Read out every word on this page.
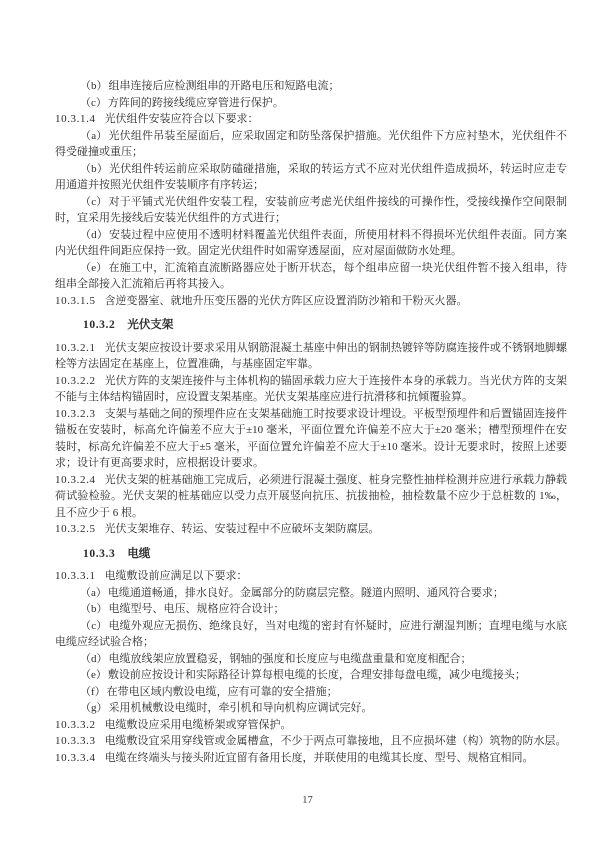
（b）组串连接后应检测组串的开路电压和短路电流；

（c）方阵间的跨接线缆应穿管进行保护。

10.3.1.4 光伏组件安装应符合以下要求：

（a）光伏组件吊装至屋面后，应采取固定和防坠落保护措施。光伏组件下方应衬垫木，光伏组件不得受碰撞或重压；

（b）光伏组件转运前应采取防磕碰措施，采取的转运方式不应对光伏组件造成损坏，转运时应走专用通道并按照光伏组件安装顺序有序转运；

（c）对于平铺式光伏组件安装工程，安装前应考虑光伏组件接线的可操作性，受接线操作空间限制时，宜采用先接线后安装光伏组件的方式进行；

（d）安装过程中应使用不透明材料覆盖光伏组件表面，所使用材料不得损坏光伏组件表面。同方案内光伏组件间距应保持一致。固定光伏组件时如需穿透屋面，应对屋面做防水处理。

（e）在施工中，汇流箱直流断路器应处于断开状态，每个组串应留一块光伏组件暂不接入组串，待组串全部接入汇流箱后再将其接入。

10.3.1.5 含逆变器室、就地升压变压器的光伏方阵区应设置消防沙箱和干粉灭火器。

10.3.2 光伏支架

10.3.2.1 光伏支架应按设计要求采用从钢筋混凝土基座中伸出的钢制热镀锌等防腐连接件或不锈钢地脚螺栓等方法固定在基座上，位置准确，与基座固定牢靠。

10.3.2.2 光伏方阵的支架连接件与主体机构的锚固承载力应大于连接件本身的承载力。当光伏方阵的支架不能与主体结构锚固时，应设置支架基座。光伏支架基座应进行抗滑移和抗倾覆验算。

10.3.2.3 支架与基础之间的预埋件应在支架基础施工时按要求设计埋设。平板型预埋件和后置锚固连接件锚板在安装时，标高允许偏差不应大于±10 毫米，平面位置允许偏差不应大于±20 毫米；槽型预埋件在安装时，标高允许偏差不应大于±5 毫米，平面位置允许偏差不应大于±10 毫米。设计无要求时，按照上述要求；设计有更高要求时，应根据设计要求。

10.3.2.4 光伏支架的桩基础施工完成后，必须进行混凝土强度、桩身完整性抽样检测并应进行承载力静载荷试验检验。光伏支架的桩基础应以受力点开展竖向抗压、抗拔抽检，抽检数量不应少于总桩数的 1‰，且不应少于 6 根。

10.3.2.5 光伏支架堆存、转运、安装过程中不应破坏支架防腐层。

10.3.3 电缆

10.3.3.1 电缆敷设前应满足以下要求：

（a）电缆通道畅通，排水良好。金属部分的防腐层完整。隧道内照明、通风符合要求；

（b）电缆型号、电压、规格应符合设计；

（c）电缆外观应无损伤、绝缘良好，当对电缆的密封有怀疑时，应进行潮湿判断；直埋电缆与水底电缆应经试验合格；

（d）电缆放线架应放置稳妥，钢轴的强度和长度应与电缆盘重量和宽度相配合；

（e）敷设前应按设计和实际路径计算每根电缆的长度，合理安排每盘电缆，减少电缆接头；

（f）在带电区域内敷设电缆，应有可靠的安全措施；

（g）采用机械敷设电缆时，牵引机和导向机构应调试完好。

10.3.3.2 电缆敷设应采用电缆桥架或穿管保护。

10.3.3.3 电缆敷设宜采用穿线管或金属槽盒，不少于两点可靠接地，且不应损坏建（构）筑物的防水层。

10.3.3.4 电缆在终端头与接头附近宜留有备用长度，并联使用的电缆其长度、型号、规格宜相同。

17
